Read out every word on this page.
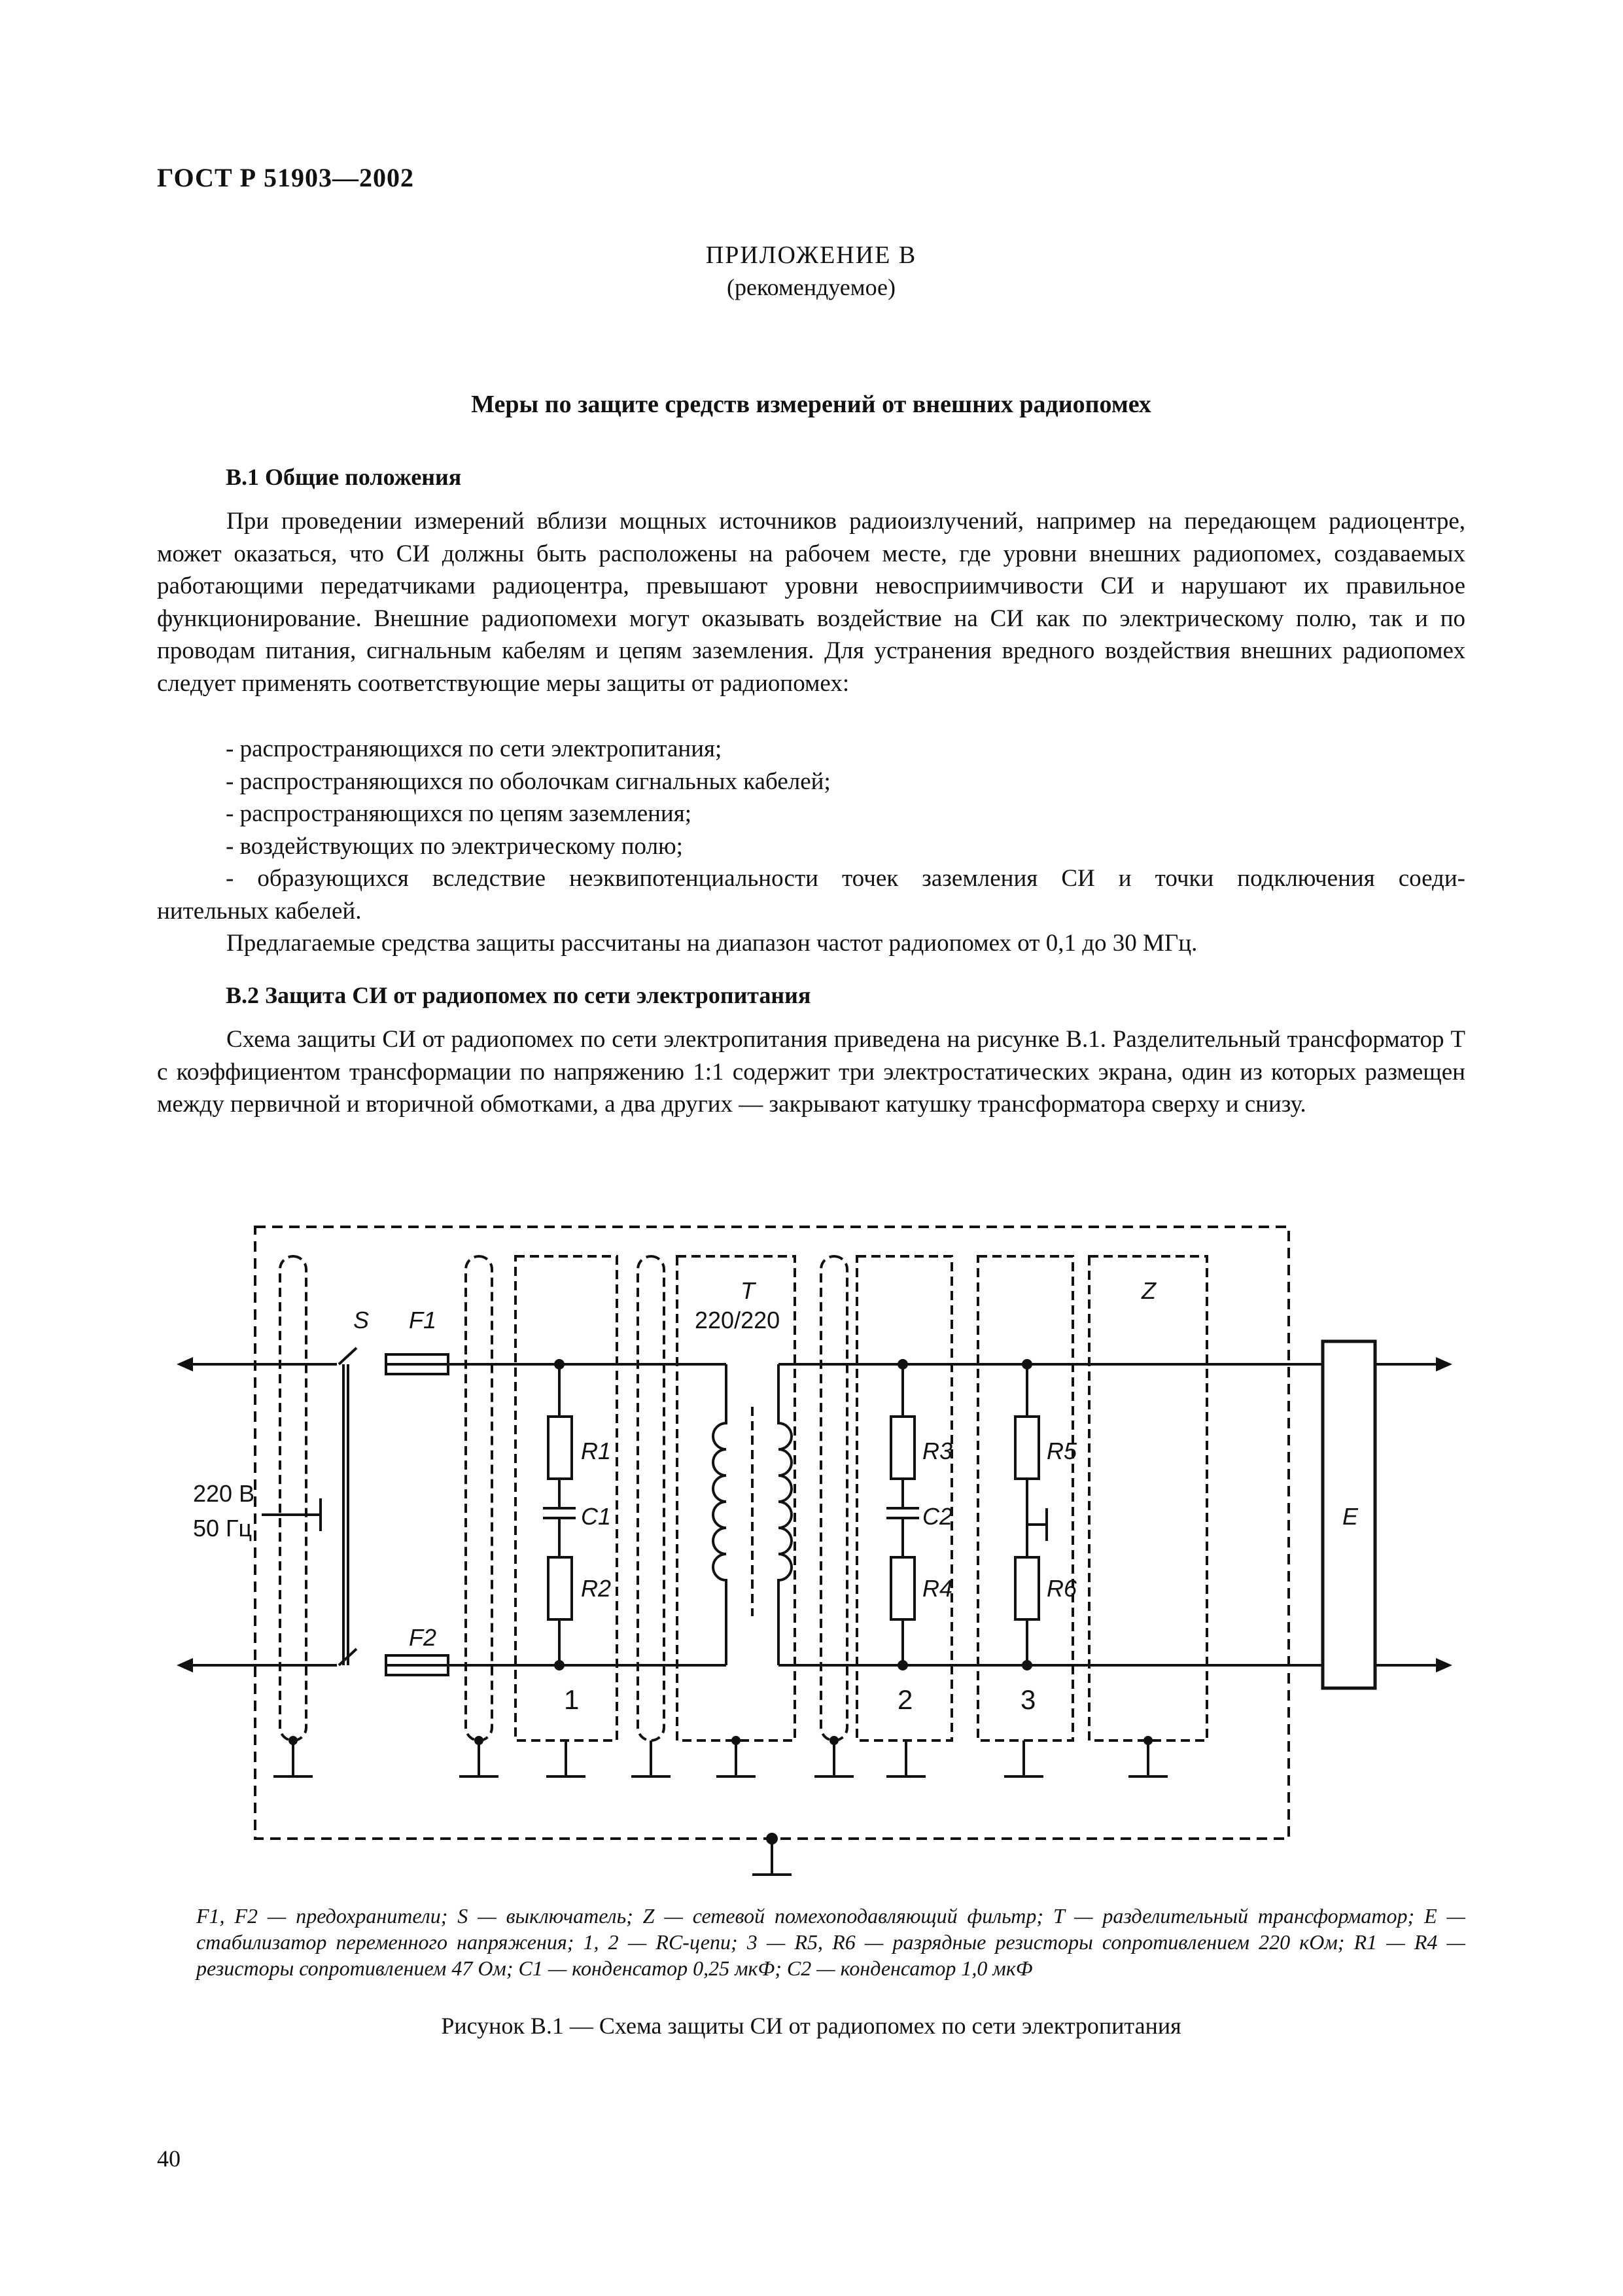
ГОСТ Р 51903—2002
ПРИЛОЖЕНИЕ В
(рекомендуемое)
Меры по защите средств измерений от внешних радиопомех
В.1 Общие положения

При проведении измерений вблизи мощных источников радиоизлучений, например на передающем радиоцентре, может оказаться, что СИ должны быть расположены на рабочем месте, где уровни внешних радиопомех, создаваемых работающими передатчиками радиоцентра, превышают уровни невосприимчивости СИ и нарушают их правильное функционирование. Внешние радиопомехи могут оказывать воздействие на СИ как по электрическому полю, так и по проводам питания, сигнальным кабелям и цепям заземления. Для устранения вредного воздействия внешних радиопомех следует применять соответствующие меры защиты от радиопомех:

- распространяющихся по сети электропитания;
- распространяющихся по оболочкам сигнальных кабелей;
- распространяющихся по цепям заземления;
- воздействующих по электрическому полю;
- образующихся вследствие неэквипотенциальности точек заземления СИ и точки подключения соеди-
нительных кабелей.

Предлагаемые средства защиты рассчитаны на диапазон частот радиопомех от 0,1 до 30 МГц.

В.2 Защита СИ от радиопомех по сети электропитания

Схема защиты СИ от радиопомех по сети электропитания приведена на рисунке В.1. Разделительный трансформатор T с коэффициентом трансформации по напряжению 1:1 содержит три электростатических экрана, один из которых размещен между первичной и вторичной обмотками, а два других — закрывают катушку трансформатора сверху и снизу.

S F1
F2
T
220/220
Z
E
220 В
50 Гц
R1
C1
R2
R3
C2
R4
R5
R6
1	2	3
F1, F2 — предохранители; S — выключатель; Z — сетевой помехоподавляющий фильтр; T — разделительный трансформатор; E — стабилизатор переменного напряжения; 1, 2 — RC-цепи; 3 — R5, R6 — разрядные резисторы сопротивлением 220 кОм; R1 — R4 — резисторы сопротивлением 47 Ом; C1 — конденсатор 0,25 мкФ; C2 — конденсатор 1,0 мкФ
Рисунок В.1 — Схема защиты СИ от радиопомех по сети электропитания
40
